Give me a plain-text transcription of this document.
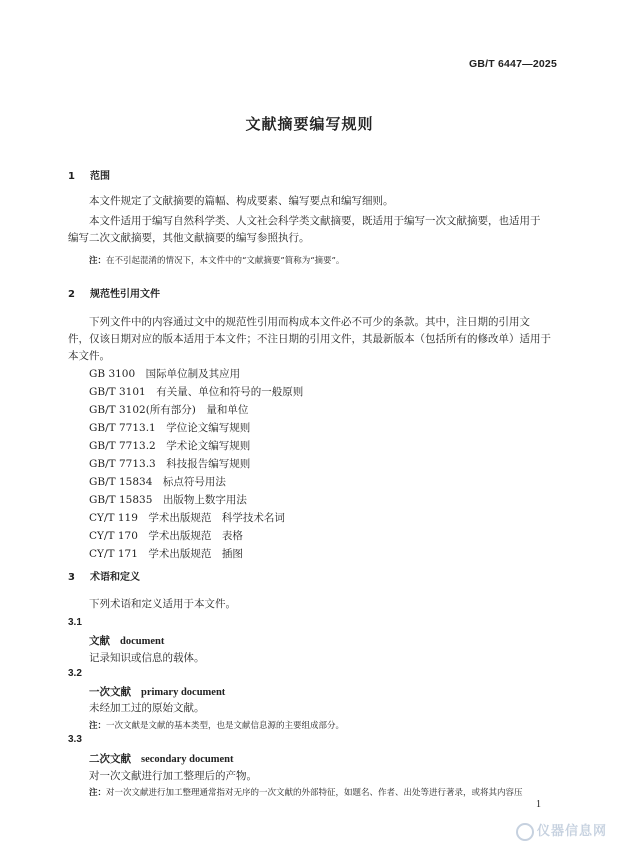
GB/T 6447—2025
文献摘要编写规则
1 范围
本文件规定了文献摘要的篇幅、构成要素、编写要点和编写细则。
本文件适用于编写自然科学类、人文社会科学类文献摘要，既适用于编写一次文献摘要，也适用于
编写二次文献摘要，其他文献摘要的编写参照执行。
注：在不引起混淆的情况下，本文件中的“文献摘要”简称为“摘要”。
2 规范性引用文件
下列文件中的内容通过文中的规范性引用而构成本文件必不可少的条款。其中，注日期的引用文
件，仅该日期对应的版本适用于本文件；不注日期的引用文件，其最新版本（包括所有的修改单）适用于
本文件。
GB 3100　国际单位制及其应用
GB/T 3101　有关量、单位和符号的一般原则
GB/T 3102(所有部分)　量和单位
GB/T 7713.1　学位论文编写规则
GB/T 7713.2　学术论文编写规则
GB/T 7713.3　科技报告编写规则
GB/T 15834　标点符号用法
GB/T 15835　出版物上数字用法
CY/T 119　学术出版规范　科学技术名词
CY/T 170　学术出版规范　表格
CY/T 171　学术出版规范　插图
3 术语和定义
下列术语和定义适用于本文件。
3.1
文献 document
记录知识或信息的载体。
3.2
一次文献 primary document
未经加工过的原始文献。
注：一次文献是文献的基本类型，也是文献信息源的主要组成部分。
3.3
二次文献 secondary document
对一次文献进行加工整理后的产物。
注：对一次文献进行加工整理通常指对无序的一次文献的外部特征，如题名、作者、出处等进行著录，或将其内容压
1
仪器信息网
